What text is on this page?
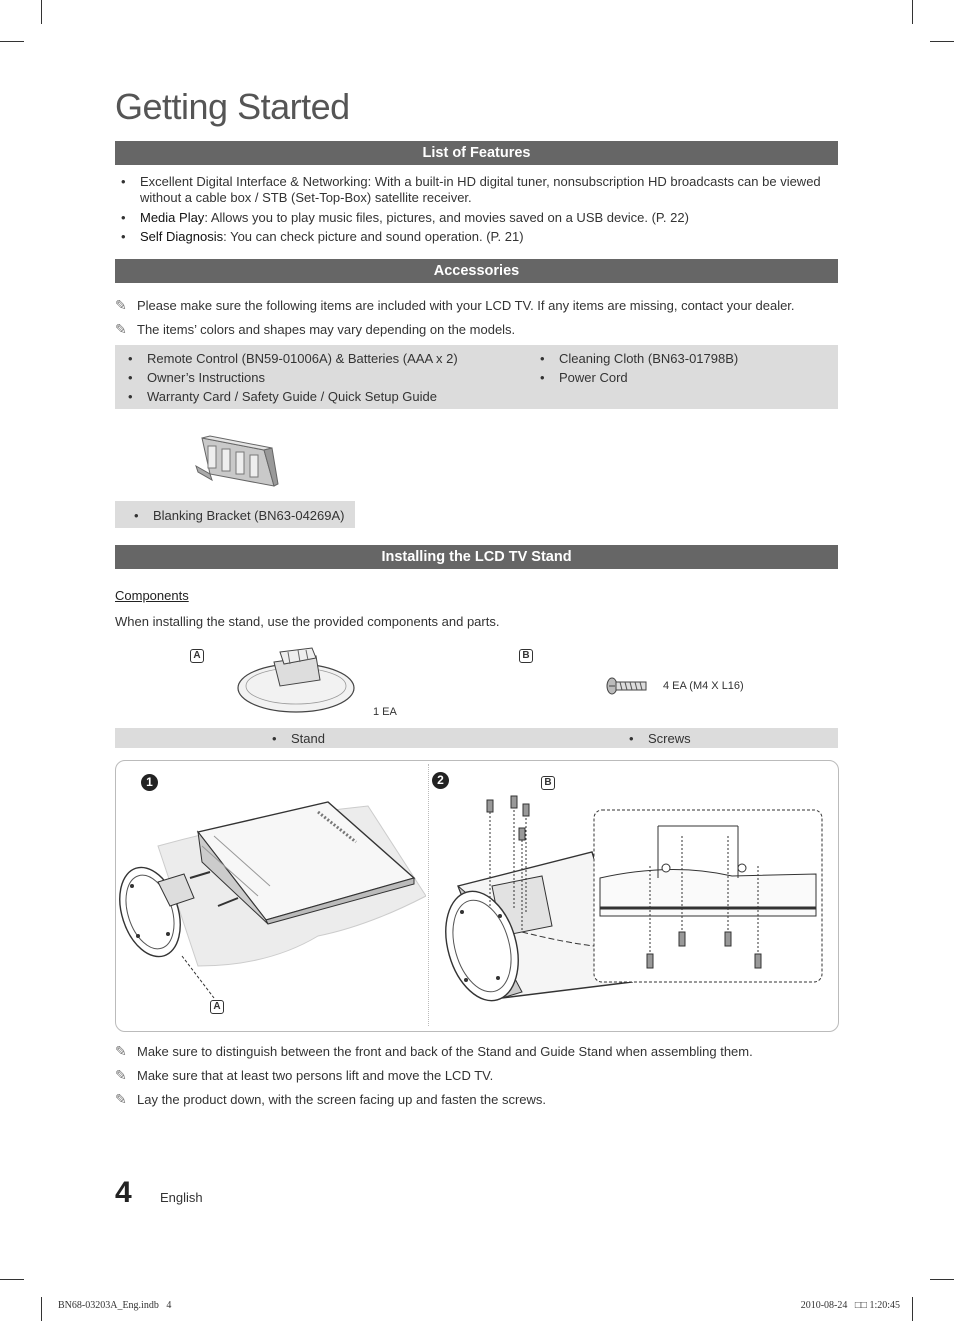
Getting Started
List of Features
• Excellent Digital Interface & Networking: With a built-in HD digital tuner, nonsubscription HD broadcasts can be viewed without a cable box / STB (Set-Top-Box) satellite receiver.
• Media Play: Allows you to play music files, pictures, and movies saved on a USB device. (P. 22)
• Self Diagnosis: You can check picture and sound operation. (P. 21)
Accessories
✎ Please make sure the following items are included with your LCD TV. If any items are missing, contact your dealer.
✎ The items’ colors and shapes may vary depending on the models.
• Remote Control (BN59-01006A) & Batteries (AAA x 2)
• Owner’s Instructions
• Warranty Card / Safety Guide / Quick Setup Guide
• Cleaning Cloth (BN63-01798B)
• Power Cord
• Blanking Bracket (BN63-04269A)
Installing the LCD TV Stand
Components
When installing the stand, use the provided components and parts.
A
1 EA
B
4 EA (M4 X L16)
• Stand
•	Screws
1	2
A
B
✎ Make sure to distinguish between the front and back of the Stand and Guide Stand when assembling them.
✎ Make sure that at least two persons lift and move the LCD TV.
✎ Lay the product down, with the screen facing up and fasten the screws.
4 English
BN68-03203A_Eng.indb   4	2010-08-24   □□ 1:20:45
